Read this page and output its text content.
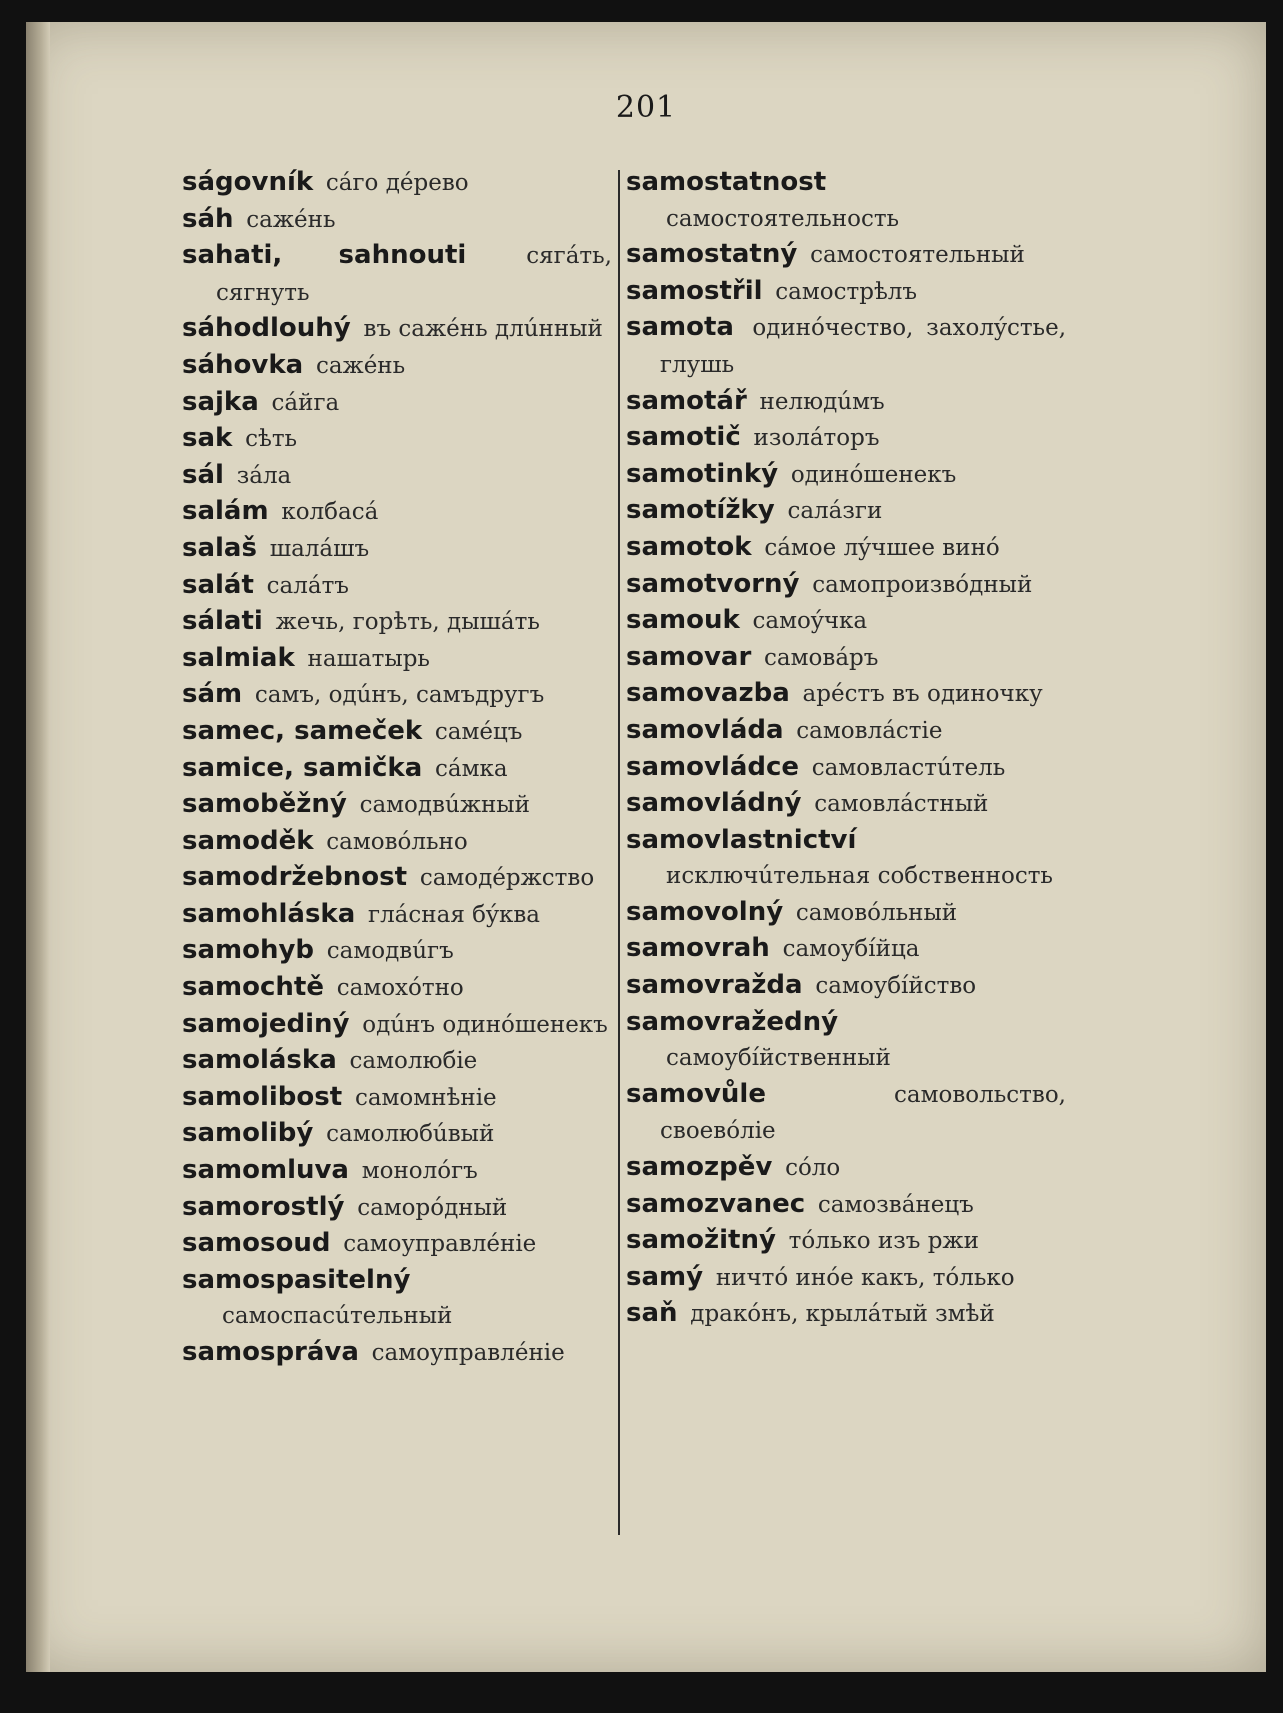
201

ságovník cáго дéрево

sáh сажéнь

sahati, sahnouti	сягáть, сягнуть

sáhodlouhý въ сажéнь длúнный

sáhovka сажéнь

sajka сáйга

sak сѣть

sál зáла

salám колбасá

salaš шалáшъ

salát салáтъ

sálati жечь, горѣть, дышáть

salmiak нашатырь

sám самъ, одúнъ, самъдругъ

samec, sameček самéцъ

samice, samička сáмка

samoběžný самодвúжный

samoděk самовóльно

samodržebnost самодéржство

samohláska глáсная бýква

samohyb самодвúгъ

samochtě самохóтно

samojediný одúнъ одинóшенекъ

samoláska самолюбіе

samolibost самомнѣніе

samolibý самолюбúвый

samomluva монолóгъ

samorostlý саморóдный

samosoud самоуправлéніе

samospasitelný самоспасúтельный

samospráva самоуправлéніе

samostatnost самостоятельность

samostatný самостоятельный

samostřil самострѣлъ

samota одинóчество, захолýстье, глушь

samotář нелюдúмъ

samotič изолáторъ

samotinký одинóшенекъ

samotížky салáзги

samotok сáмое лýчшее винó

samotvorný самопроизвóдный

samouk самоýчка

samovar самовáръ

samovazba арéстъ въ одиночку

samovláda самовлáстіе

samovládce самовластúтель

samovládný самовлáстный

samovlastnictví исключúтельная собственность

samovolný самовóльный

samovrah самоубíйца

samovražda самоубíйство

samovražedný самоубíйственный

samovůle	самовольство, своевóліе

samozpěv сóло

samozvanec самозвáнецъ

samožitný тóлько изъ ржи

samý ничтó инóе какъ, тóлько

saň дракóнъ, крылáтый змѣй
